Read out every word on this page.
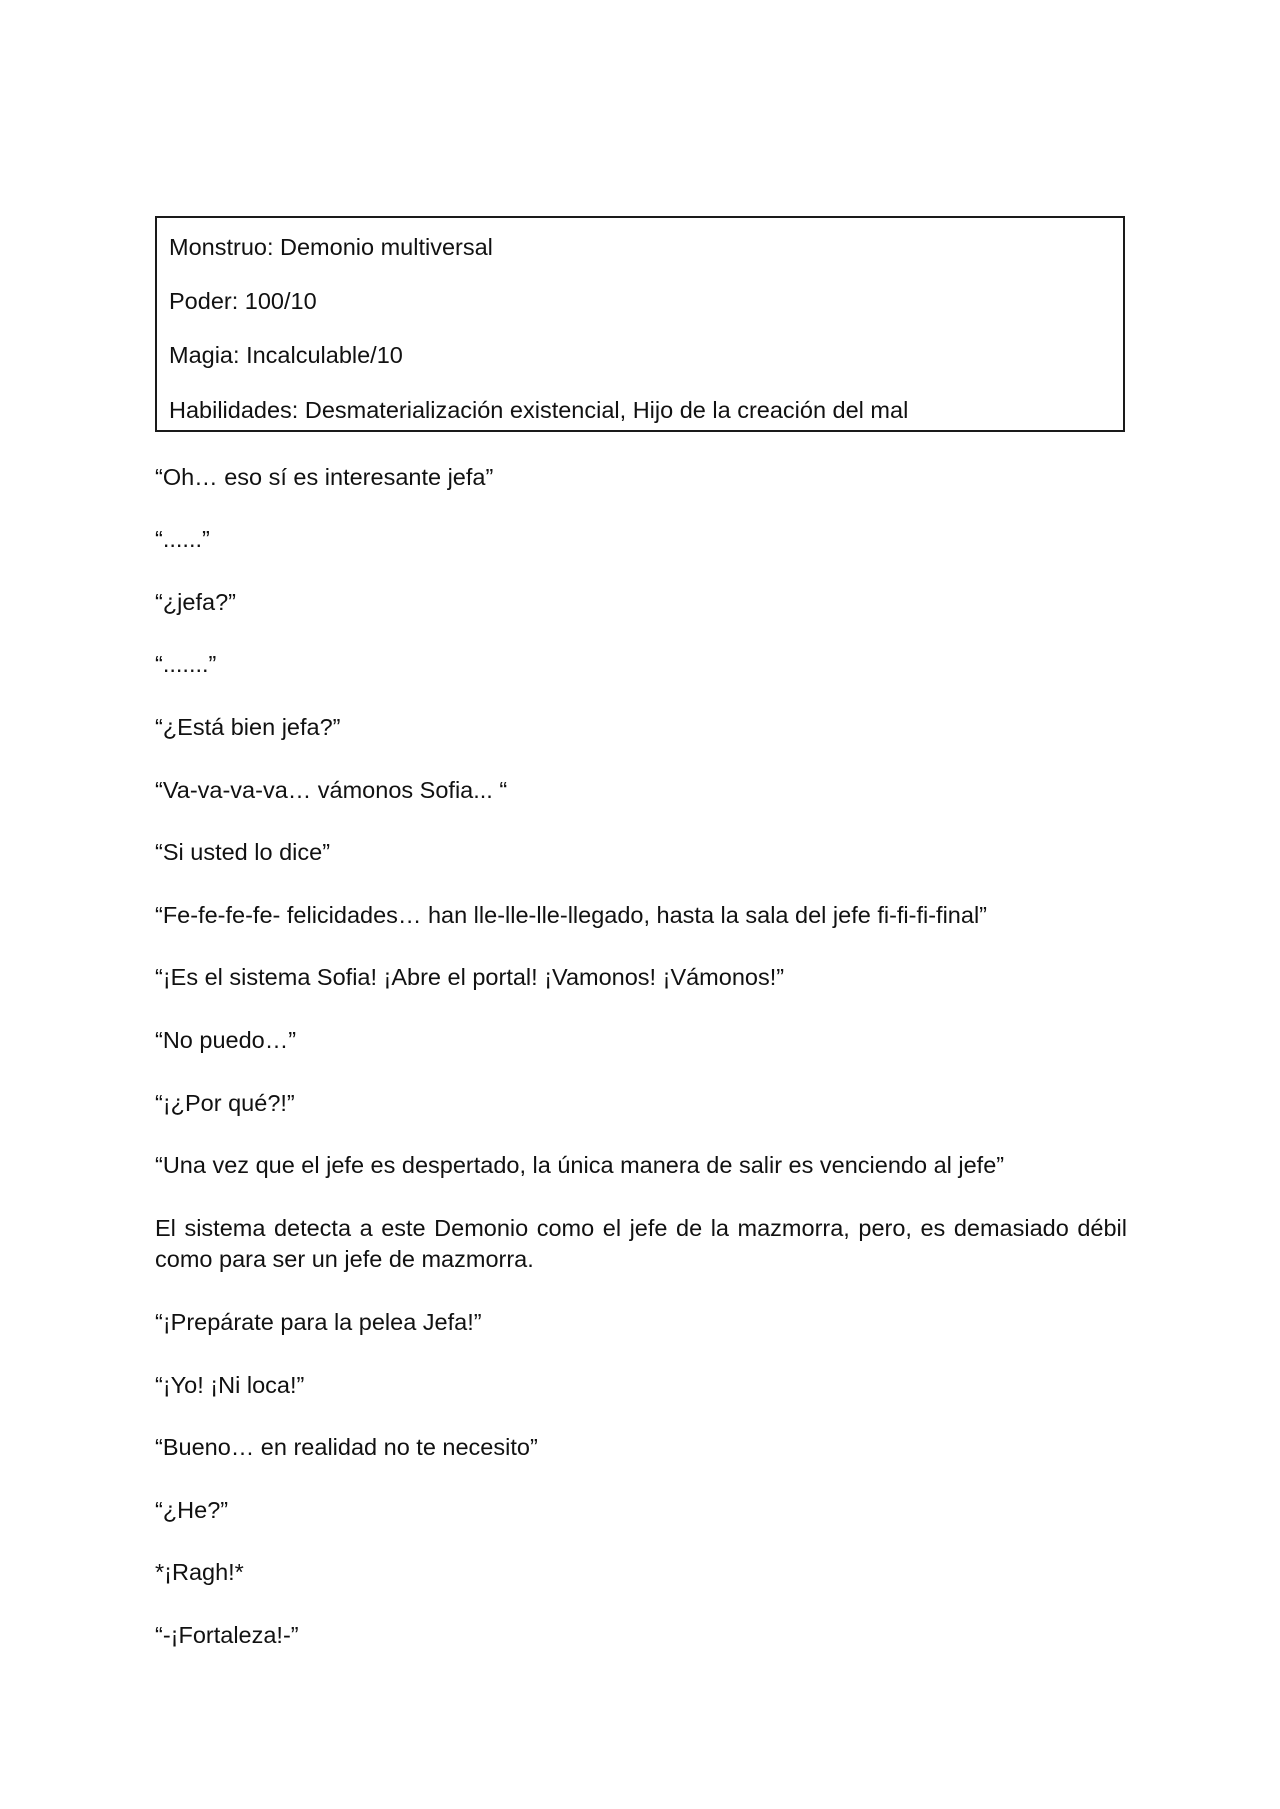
Monstruo: Demonio multiversal
Poder: 100/10
Magia: Incalculable/10
Habilidades: Desmaterialización existencial, Hijo de la creación del mal

“Oh… eso sí es interesante jefa”

“......”

“¿jefa?”

“.......”

“¿Está bien jefa?”

“Va-va-va-va… vámonos Sofia... “

“Si usted lo dice”

“Fe-fe-fe-fe- felicidades… han lle-lle-lle-llegado, hasta la sala del jefe fi-fi-fi-final”

“¡Es el sistema Sofia! ¡Abre el portal! ¡Vamonos! ¡Vámonos!”

“No puedo…”

“¡¿Por qué?!”

“Una vez que el jefe es despertado, la única manera de salir es venciendo al jefe”

El sistema detecta a este Demonio como el jefe de la mazmorra, pero, es demasiado débil como para ser un jefe de mazmorra.

“¡Prepárate para la pelea Jefa!”

“¡Yo! ¡Ni loca!”

“Bueno… en realidad no te necesito”

“¿He?”

*¡Ragh!*

“-¡Fortaleza!-”
